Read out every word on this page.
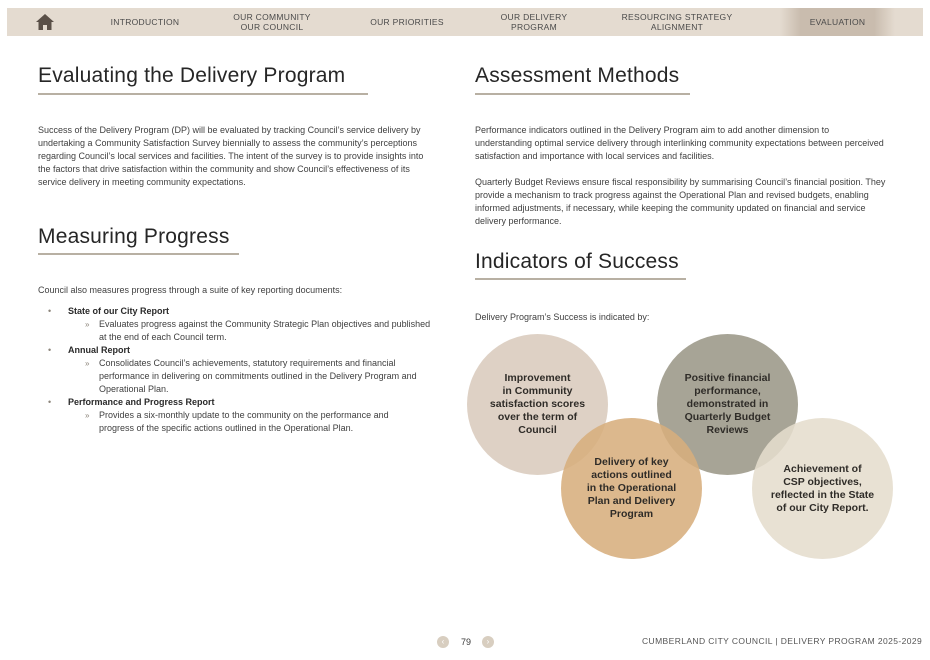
INTRODUCTION	OUR COMMUNITY
OUR COUNCIL	OUR PRIORITIES	OUR DELIVERY
PROGRAM
RESOURCING STRATEGY
ALIGNMENT	EVALUATION
Evaluating the Delivery Program

Success of the Delivery Program (DP) will be evaluated by tracking Council’s service delivery by undertaking a Community Satisfaction Survey biennially to assess the community’s perceptions regarding Council’s local services and facilities. The intent of the survey is to provide insights into the factors that drive satisfaction within the community and show Council’s effectiveness of its service delivery in meeting community expectations.

Measuring Progress

Council also measures progress through a suite of key reporting documents:

• State of our City Report
» Evaluates progress against the Community Strategic Plan objectives and published at the end of each Council term.
• Annual Report
» Consolidates Council’s achievements, statutory requirements and financial performance in delivering on commitments outlined in the Delivery Program and Operational Plan.
• Performance and Progress Report
» Provides a six-monthly update to the community on the performance and progress of the specific actions outlined in the Operational Plan.
Assessment Methods

Performance indicators outlined in the Delivery Program aim to add another dimension to understanding optimal service delivery through interlinking community expectations between perceived satisfaction and importance with local services and facilities.

Quarterly Budget Reviews ensure fiscal responsibility by summarising Council’s financial position. They provide a mechanism to track progress against the Operational Plan and revised budgets, enabling informed adjustments, if necessary, while keeping the community updated on financial and service delivery performance.

Indicators of Success

Delivery Program’s Success is indicated by:

Improvement
in Community
satisfaction scores
over the term of
Council
Positive financial
performance,
demonstrated in
Quarterly Budget
Reviews
Delivery of key
actions outlined
in the Operational
Plan and Delivery
Program
Achievement of
CSP objectives,
reflected in the State
of our City Report.
‹	79	›	CUMBERLAND CITY COUNCIL | DELIVERY PROGRAM 2025-2029
